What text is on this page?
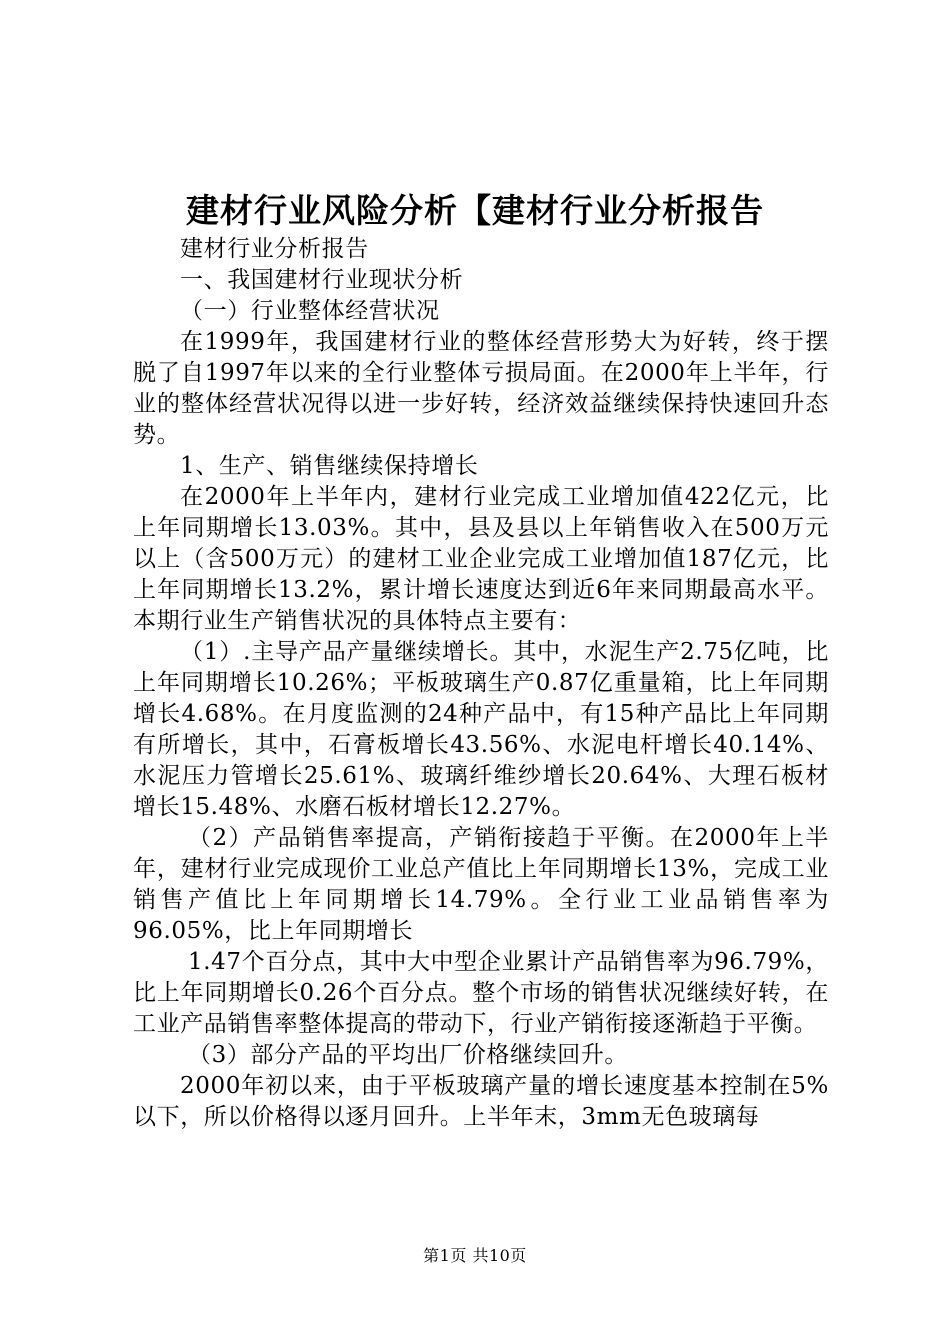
建材行业风险分析【建材行业分析报告

建材行业分析报告

一、我国建材行业现状分析

（一）行业整体经营状况

在1999年，我国建材行业的整体经营形势大为好转，终于摆脱了自1997年以来的全行业整体亏损局面。在2000年上半年，行业的整体经营状况得以进一步好转，经济效益继续保持快速回升态势。

1、生产、销售继续保持增长

在2000年上半年内，建材行业完成工业增加值422亿元，比上年同期增长13.03%。其中，县及县以上年销售收入在500万元以上（含500万元）的建材工业企业完成工业增加值187亿元，比上年同期增长13.2%，累计增长速度达到近6年来同期最高水平。本期行业生产销售状况的具体特点主要有：

（1）.主导产品产量继续增长。其中，水泥生产2.75亿吨，比上年同期增长10.26%；平板玻璃生产0.87亿重量箱，比上年同期增长4.68%。在月度监测的24种产品中，有15种产品比上年同期有所增长，其中，石膏板增长43.56%、水泥电杆增长40.14%、水泥压力管增长25.61%、玻璃纤维纱增长20.64%、大理石板材增长15.48%、水磨石板材增长12.27%。

（2）产品销售率提高，产销衔接趋于平衡。在2000年上半年，建材行业完成现价工业总产值比上年同期增长13%，完成工业销售产值比上年同期增长14.79%。全行业工业品销售率为96.05%，比上年同期增长

1.47个百分点，其中大中型企业累计产品销售率为96.79%，比上年同期增长0.26个百分点。整个市场的销售状况继续好转，在工业产品销售率整体提高的带动下，行业产销衔接逐渐趋于平衡。

（3）部分产品的平均出厂价格继续回升。

2000年初以来，由于平板玻璃产量的增长速度基本控制在5%以下，所以价格得以逐月回升。上半年末，3mm无色玻璃每

第1页 共10页
